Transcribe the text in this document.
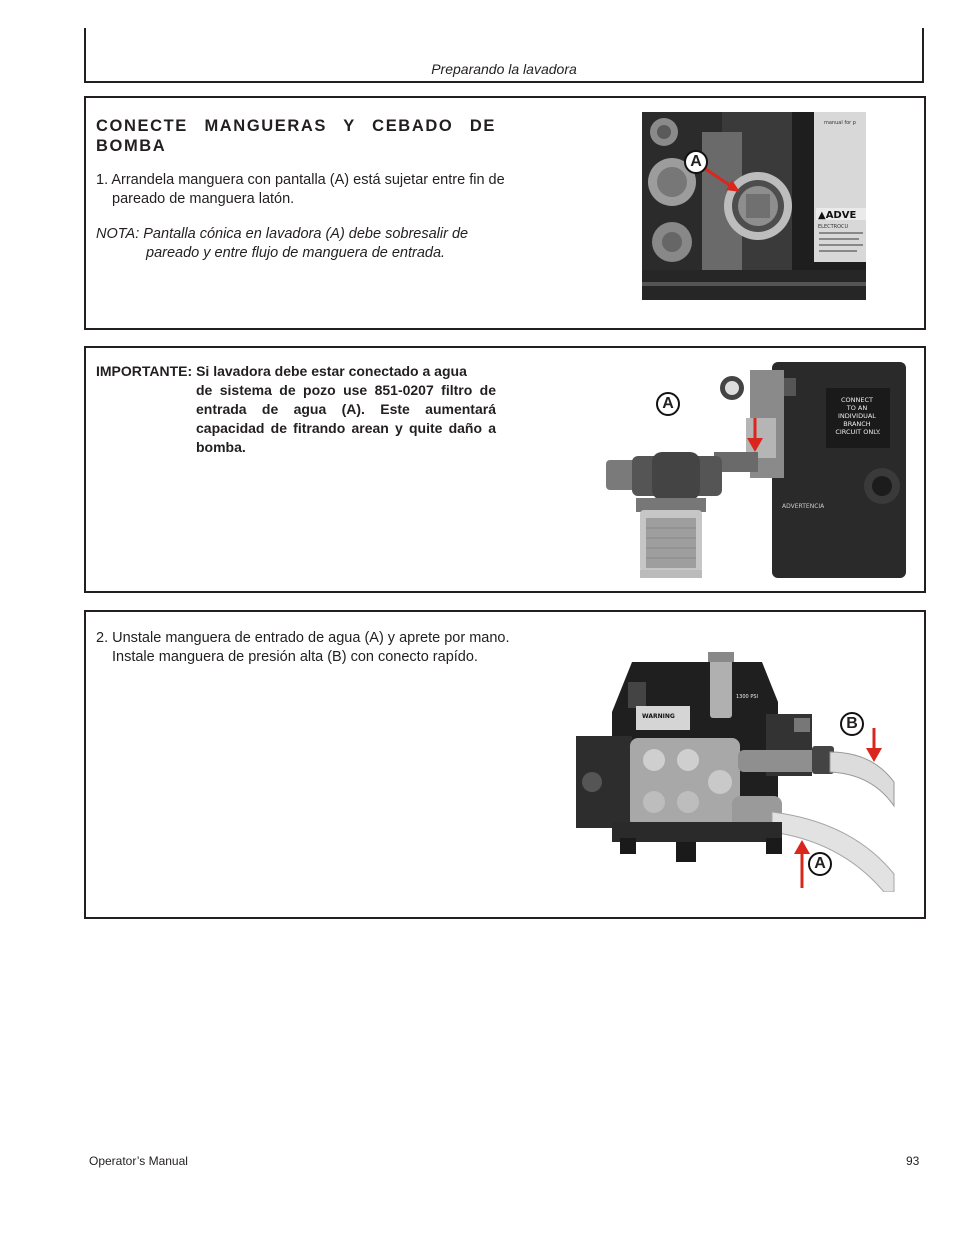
Preparando la lavadora
CONECTE MANGUERAS Y CEBADO DE BOMBA
1. Arrandela manguera con pantalla (A) está sujetar entre fin de pareado de manguera latón.
NOTA: Pantalla cónica en lavadora (A) debe sobresalir de
pareado y entre flujo de manguera de entrada.
manual for p
▲ADVE
ELECTROCU
A
IMPORTANTE:
Si lavadora debe estar conectado a agua
de sistema de pozo use 851-0207 filtro de entrada de agua (A). Este aumentará capacidad de fitrando arean y quite daño a bomba.
CONNECT TO AN INDIVIDUAL BRANCH CIRCUIT ONLY.
ADVERTENCIA
A
2. Unstale manguera de entrado de agua (A) y aprete por mano. Instale manguera de presión alta (B) con conecto rapído.
WARNING
1300 PSI
B
A
Operator’s Manual	93
